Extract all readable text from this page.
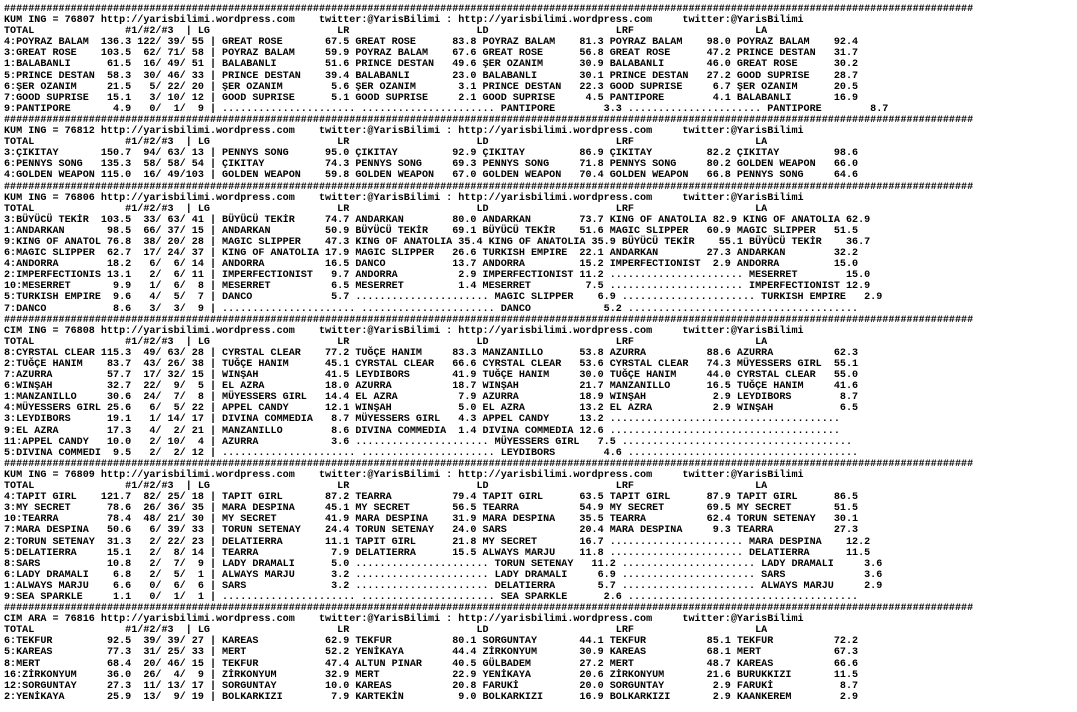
################################################################################################################################################################
KUM ING = 76807 http://yarisbilimi.wordpress.com    twitter:@YarisBilimi : http://yarisbilimi.wordpress.com     twitter:@YarisBilimi
TOTAL               #1/#2/#3  | LG                     LR                     LD                     LRF                    LA
4:POYRAZ BALAM  136.3 122/ 39/ 55 | GREAT ROSE       67.5 GREAT ROSE      83.8 POYRAZ BALAM    81.3 POYRAZ BALAM    98.0 POYRAZ BALAM    92.4
3:GREAT ROSE    103.5  62/ 71/ 58 | POYRAZ BALAM     59.9 POYRAZ BALAM    67.6 GREAT ROSE      56.8 GREAT ROSE      47.2 PRINCE DESTAN   31.7
1:BALABANLI      61.5  16/ 49/ 51 | BALABANLI        51.6 PRINCE DESTAN   49.6 ŞER OZANIM      30.9 BALABANLI       46.0 GREAT ROSE      30.2
5:PRINCE DESTAN  58.3  30/ 46/ 33 | PRINCE DESTAN    39.4 BALABANLI       23.0 BALABANLI       30.1 PRINCE DESTAN   27.2 GOOD SUPRISE    28.7
6:ŞER OZANIM     21.5   5/ 22/ 20 | ŞER OZANIM        5.6 ŞER OZANIM       3.1 PRINCE DESTAN   22.3 GOOD SUPRISE     6.7 ŞER OZANIM      20.5
7:GOOD SUPRISE   15.1   3/ 10/ 12 | GOOD SUPRISE      5.1 GOOD SUPRISE     2.1 GOOD SUPRISE     4.5 PANTIPORE        4.1 BALABANLI       16.9
9:PANTIPORE       4.9   0/  1/  9 | ...................... ...................... PANTIPORE        3.3 ...................... PANTIPORE        8.7
################################################################################################################################################################
KUM ING = 76812 http://yarisbilimi.wordpress.com    twitter:@YarisBilimi : http://yarisbilimi.wordpress.com     twitter:@YarisBilimi
TOTAL               #1/#2/#3  | LG                     LR                     LD                     LRF                    LA
3:ÇIKITAY       150.7  94/ 63/ 13 | PENNYS SONG      95.0 ÇIKITAY         92.9 ÇIKITAY         86.9 ÇIKITAY         82.2 ÇIKITAY         98.6
6:PENNYS SONG   135.3  58/ 58/ 54 | ÇIKITAY          74.3 PENNYS SONG     69.3 PENNYS SONG     71.8 PENNYS SONG     80.2 GOLDEN WEAPON   66.0
4:GOLDEN WEAPON 115.0  16/ 49/103 | GOLDEN WEAPON    59.8 GOLDEN WEAPON   67.0 GOLDEN WEAPON   70.4 GOLDEN WEAPON   66.8 PENNYS SONG     64.6
################################################################################################################################################################
KUM ING = 76806 http://yarisbilimi.wordpress.com    twitter:@YarisBilimi : http://yarisbilimi.wordpress.com     twitter:@YarisBilimi
TOTAL               #1/#2/#3  | LG                     LR                     LD                     LRF                    LA
3:BÜYÜCÜ TEKİR  103.5  33/ 63/ 41 | BÜYÜCÜ TEKİR     74.7 ANDARKAN        80.0 ANDARKAN        73.7 KING OF ANATOLIA 82.9 KING OF ANATOLIA 62.9
1:ANDARKAN       98.5  66/ 37/ 15 | ANDARKAN         50.9 BÜYÜCÜ TEKİR    69.1 BÜYÜCÜ TEKİR    51.6 MAGIC SLIPPER   60.9 MAGIC SLIPPER   51.5
9:KING OF ANATOL 76.8  38/ 20/ 28 | MAGIC SLIPPER    47.3 KING OF ANATOLIA 35.4 KING OF ANATOLIA 35.9 BÜYÜCÜ TEKİR    55.1 BÜYÜCÜ TEKİR    36.7
6:MAGIC SLIPPER  62.7  17/ 24/ 37 | KING OF ANATOLIA 17.9 MAGIC SLIPPER   26.6 TURKISH EMPIRE  22.1 ANDARKAN        27.3 ANDARKAN        32.2
4:ANDORRA        18.2   6/  6/ 14 | ANDORRA          16.5 DANCO           13.7 ANDORRA         15.2 IMPERFECTIONIST  2.9 ANDORRA         15.0
2:IMPERFECTIONIS 13.1   2/  6/ 11 | IMPERFECTIONIST   9.7 ANDORRA          2.9 IMPERFECTIONIST 11.2 ...................... MESERRET        15.0
10:MESERRET       9.9   1/  6/  8 | MESERRET          6.5 MESERRET         1.4 MESERRET         7.5 ...................... IMPERFECTIONIST 12.9
5:TURKISH EMPIRE  9.6   4/  5/  7 | DANCO             5.7 ...................... MAGIC SLIPPER    6.9 ...................... TURKISH EMPIRE   2.9
7:DANCO           8.6   3/  3/  9 | ...................... ...................... DANCO            5.2 ......................................
################################################################################################################################################################
CIM ING = 76808 http://yarisbilimi.wordpress.com    twitter:@YarisBilimi : http://yarisbilimi.wordpress.com     twitter:@YarisBilimi
TOTAL               #1/#2/#3  | LG                     LR                     LD                     LRF                    LA
8:CYRSTAL CLEAR 115.3  49/ 63/ 28 | CYRSTAL CLEAR    77.2 TUĞÇE HANIM     83.3 MANZANILLO      53.8 AZURRA          88.6 AZURRA          62.3
2:TUĞÇE HANIM    83.7  43/ 26/ 38 | TUĞÇE HANIM      45.1 CYRSTAL CLEAR   66.6 CYRSTAL CLEAR   53.6 CYRSTAL CLEAR   74.3 MÜYESSERS GIRL  55.1
7:AZURRA         57.7  17/ 32/ 15 | WINŞAH           41.5 LEYDIBORS       41.9 TUĞÇE HANIM     30.0 TUĞÇE HANIM     44.0 CYRSTAL CLEAR   55.0
6:WINŞAH         32.7  22/  9/  5 | EL AZRA          18.0 AZURRA          18.7 WINŞAH          21.7 MANZANILLO      16.5 TUĞÇE HANIM     41.6
1:MANZANILLO     30.6  24/  7/  8 | MÜYESSERS GIRL   14.4 EL AZRA          7.9 AZURRA          18.9 WINŞAH           2.9 LEYDIBORS        8.7
4:MÜYESSERS GIRL 25.6   6/  5/ 22 | APPEL CANDY      12.1 WINŞAH           5.0 EL AZRA         13.2 EL AZRA          2.9 WINŞAH           6.5
3:LEYDIBORS      19.1   1/ 14/ 17 | DIVINA COMMEDIA   8.7 MÜYESSERS GIRL   4.3 APPEL CANDY     13.2 ......................................
9:EL AZRA        17.3   4/  2/ 21 | MANZANILLO        8.6 DIVINA COMMEDIA  1.4 DIVINA COMMEDIA 12.6 ......................................
11:APPEL CANDY   10.0   2/ 10/  4 | AZURRA            3.6 ...................... MÜYESSERS GIRL   7.5 ......................................
5:DIVINA COMMEDI  9.5   2/  2/ 12 | ...................... ...................... LEYDIBORS        4.6 ......................................
################################################################################################################################################################
KUM ING = 76809 http://yarisbilimi.wordpress.com    twitter:@YarisBilimi : http://yarisbilimi.wordpress.com     twitter:@YarisBilimi
TOTAL               #1/#2/#3  | LG                     LR                     LD                     LRF                    LA
4:TAPIT GIRL    121.7  82/ 25/ 18 | TAPIT GIRL       87.2 TEARRA          79.4 TAPIT GIRL      63.5 TAPIT GIRL      87.9 TAPIT GIRL      86.5
3:MY SECRET      78.6  26/ 36/ 35 | MARA DESPINA     45.1 MY SECRET       56.5 TEARRA          54.9 MY SECRET       69.5 MY SECRET       51.5
10:TEARRA        78.4  48/ 21/ 30 | MY SECRET        41.9 MARA DESPINA    31.9 MARA DESPINA    35.5 TEARRA          62.4 TORUN SETENAY   30.1
7:MARA DESPINA   50.6   6/ 39/ 33 | TORUN SETENAY    24.4 TORUN SETENAY   24.0 SARS            20.4 MARA DESPINA     9.3 TEARRA          27.3
2:TORUN SETENAY  31.3   2/ 22/ 23 | DELATIERRA       11.1 TAPIT GIRL      21.8 MY SECRET       16.7 ...................... MARA DESPINA    12.2
5:DELATIERRA     15.1   2/  8/ 14 | TEARRA            7.9 DELATIERRA      15.5 ALWAYS MARJU    11.8 ...................... DELATIERRA      11.5
8:SARS           10.8   2/  7/  9 | LADY DRAMALI      5.0 ...................... TORUN SETENAY   11.2 ...................... LADY DRAMALI     3.6
6:LADY DRAMALI    6.8   2/  5/  1 | ALWAYS MARJU      3.2 ...................... LADY DRAMALI     6.9 ...................... SARS             3.6
1:ALWAYS MARJU    6.6   0/  6/  6 | SARS              3.2 ...................... DELATIERRA       5.7 ...................... ALWAYS MARJU     2.9
9:SEA SPARKLE     1.1   0/  1/  1 | ...................... ...................... SEA SPARKLE      2.6 ......................................
################################################################################################################################################################
CIM ARA = 76816 http://yarisbilimi.wordpress.com    twitter:@YarisBilimi : http://yarisbilimi.wordpress.com     twitter:@YarisBilimi
TOTAL               #1/#2/#3  | LG                     LR                     LD                     LRF                    LA
6:TEKFUR         92.5  39/ 39/ 27 | KAREAS           62.9 TEKFUR          80.1 SORGUNTAY       44.1 TEKFUR          85.1 TEKFUR          72.2
5:KAREAS         77.3  31/ 25/ 33 | MERT             52.2 YENİKAYA        44.4 ZİRKONYUM       30.9 KAREAS          68.1 MERT            67.3
8:MERT           68.4  20/ 46/ 15 | TEKFUR           47.4 ALTUN PINAR     40.5 GÜLBADEM        27.2 MERT            48.7 KAREAS          66.6
16:ZİRKONYUM     36.0  26/  4/  9 | ZİRKONYUM        32.9 MERT            22.9 YENİKAYA        20.6 ZİRKONYUM       21.6 BURUKKIZI       11.5
12:SORGUNTAY     27.3  11/ 13/ 17 | SORGUNTAY        10.0 KAREAS          20.8 FARUKİ          20.0 SORGUNTAY        2.9 FARUKİ           8.7
2:YENİKAYA       25.9  13/  9/ 19 | BOLKARKIZI        7.9 KARTEKİN         9.0 BOLKARKIZI      16.9 BOLKARKIZI       2.9 KAANKEREM        2.9
